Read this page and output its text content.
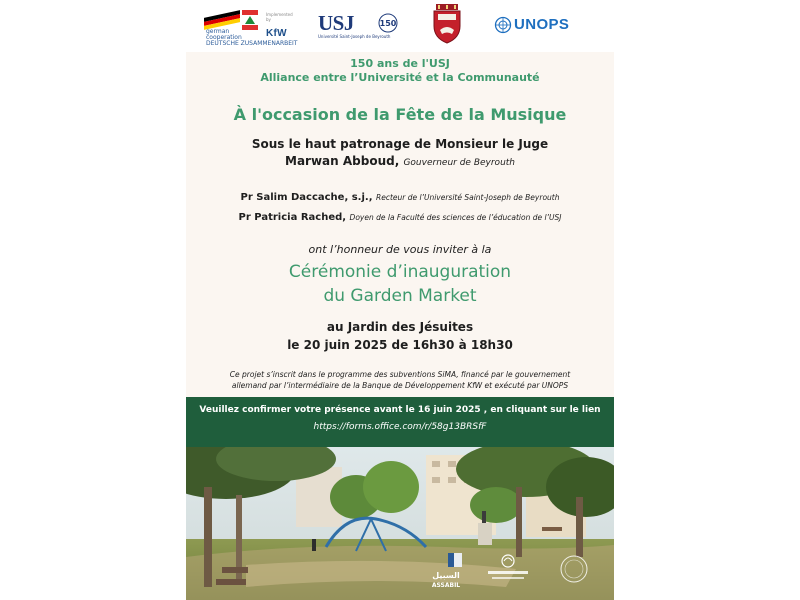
german
cooperation
DEUTSCHE ZUSAMMENARBEIT
Implemented by
KfW	USJ
Université Saint-Joseph de Beyrouth
150	UNOPS
150 ans de l'USJ
Alliance entre l’Université et la Communauté
À l'occasion de la Fête de la Musique
Sous le haut patronage de Monsieur le Juge
Marwan Abboud, Gouverneur de Beyrouth
Pr Salim Daccache, s.j., Recteur de l’Université Saint-Joseph de Beyrouth
Pr Patricia Rached, Doyen de la Faculté des sciences de l’éducation de l’USJ
ont l’honneur de vous inviter à la
Cérémonie d’inauguration
du Garden Market
au Jardin des Jésuites
le 20 juin 2025 de 16h30 à 18h30
Ce projet s’inscrit dans le programme des subventions SiMA, financé par le gouvernement
allemand par l’intermédiaire de la Banque de Développement KfW et exécuté par UNOPS
Veuillez confirmer votre présence avant le 16 juin 2025 , en cliquant sur le lien
https://forms.office.com/r/58g13BRSfF
السبيل
ASSABIL
